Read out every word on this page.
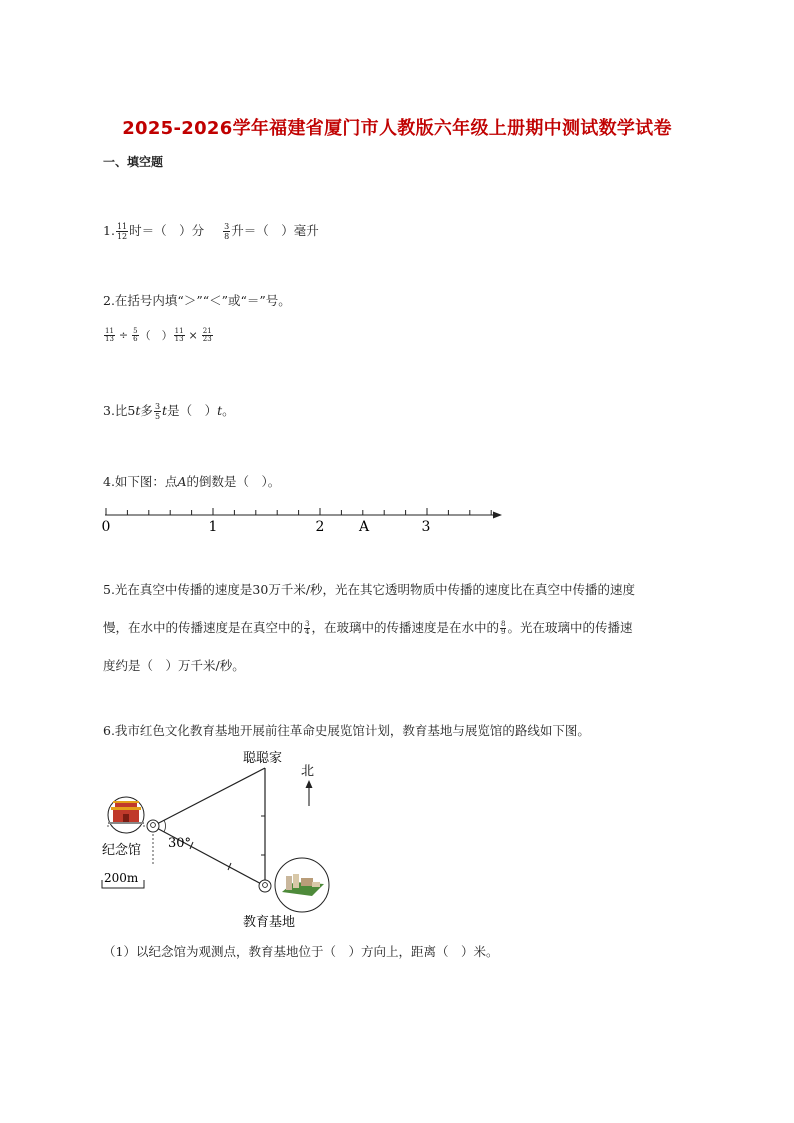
2025-2026学年福建省厦门市人教版六年级上册期中测试数学试卷
一、填空题
1. $\frac{11}{12}$ 时＝（　）分 $\frac{3}{8}$ 升＝（　）毫升
2.在括号内填“＞”“＜”或“＝”号。
$\frac{11}{13} \div \frac{5}{6}$ （　） $\frac{11}{13} \times \frac{21}{23}$
3.比5t多 $\frac{3}{5}$ t是（　）t。
4.如下图：点A的倒数是（　）。
0	1	2 A	3
5.光在真空中传播的速度是30万千米/秒，光在其它透明物质中传播的速度比在真空中传播的速度
慢，在水中的传播速度是在真空中的 $\frac{3}{4}$ ，在玻璃中的传播速度是在水中的 $\frac{8}{9}$ 。光在玻璃中的传播速
度约是（　）万千米/秒。
6.我市红色文化教育基地开展前往革命史展览馆计划，教育基地与展览馆的路线如下图。
30°
纪念馆
200m
聪聪家
北
教育基地
（1）以纪念馆为观测点，教育基地位于（　）方向上，距离（　）米。
